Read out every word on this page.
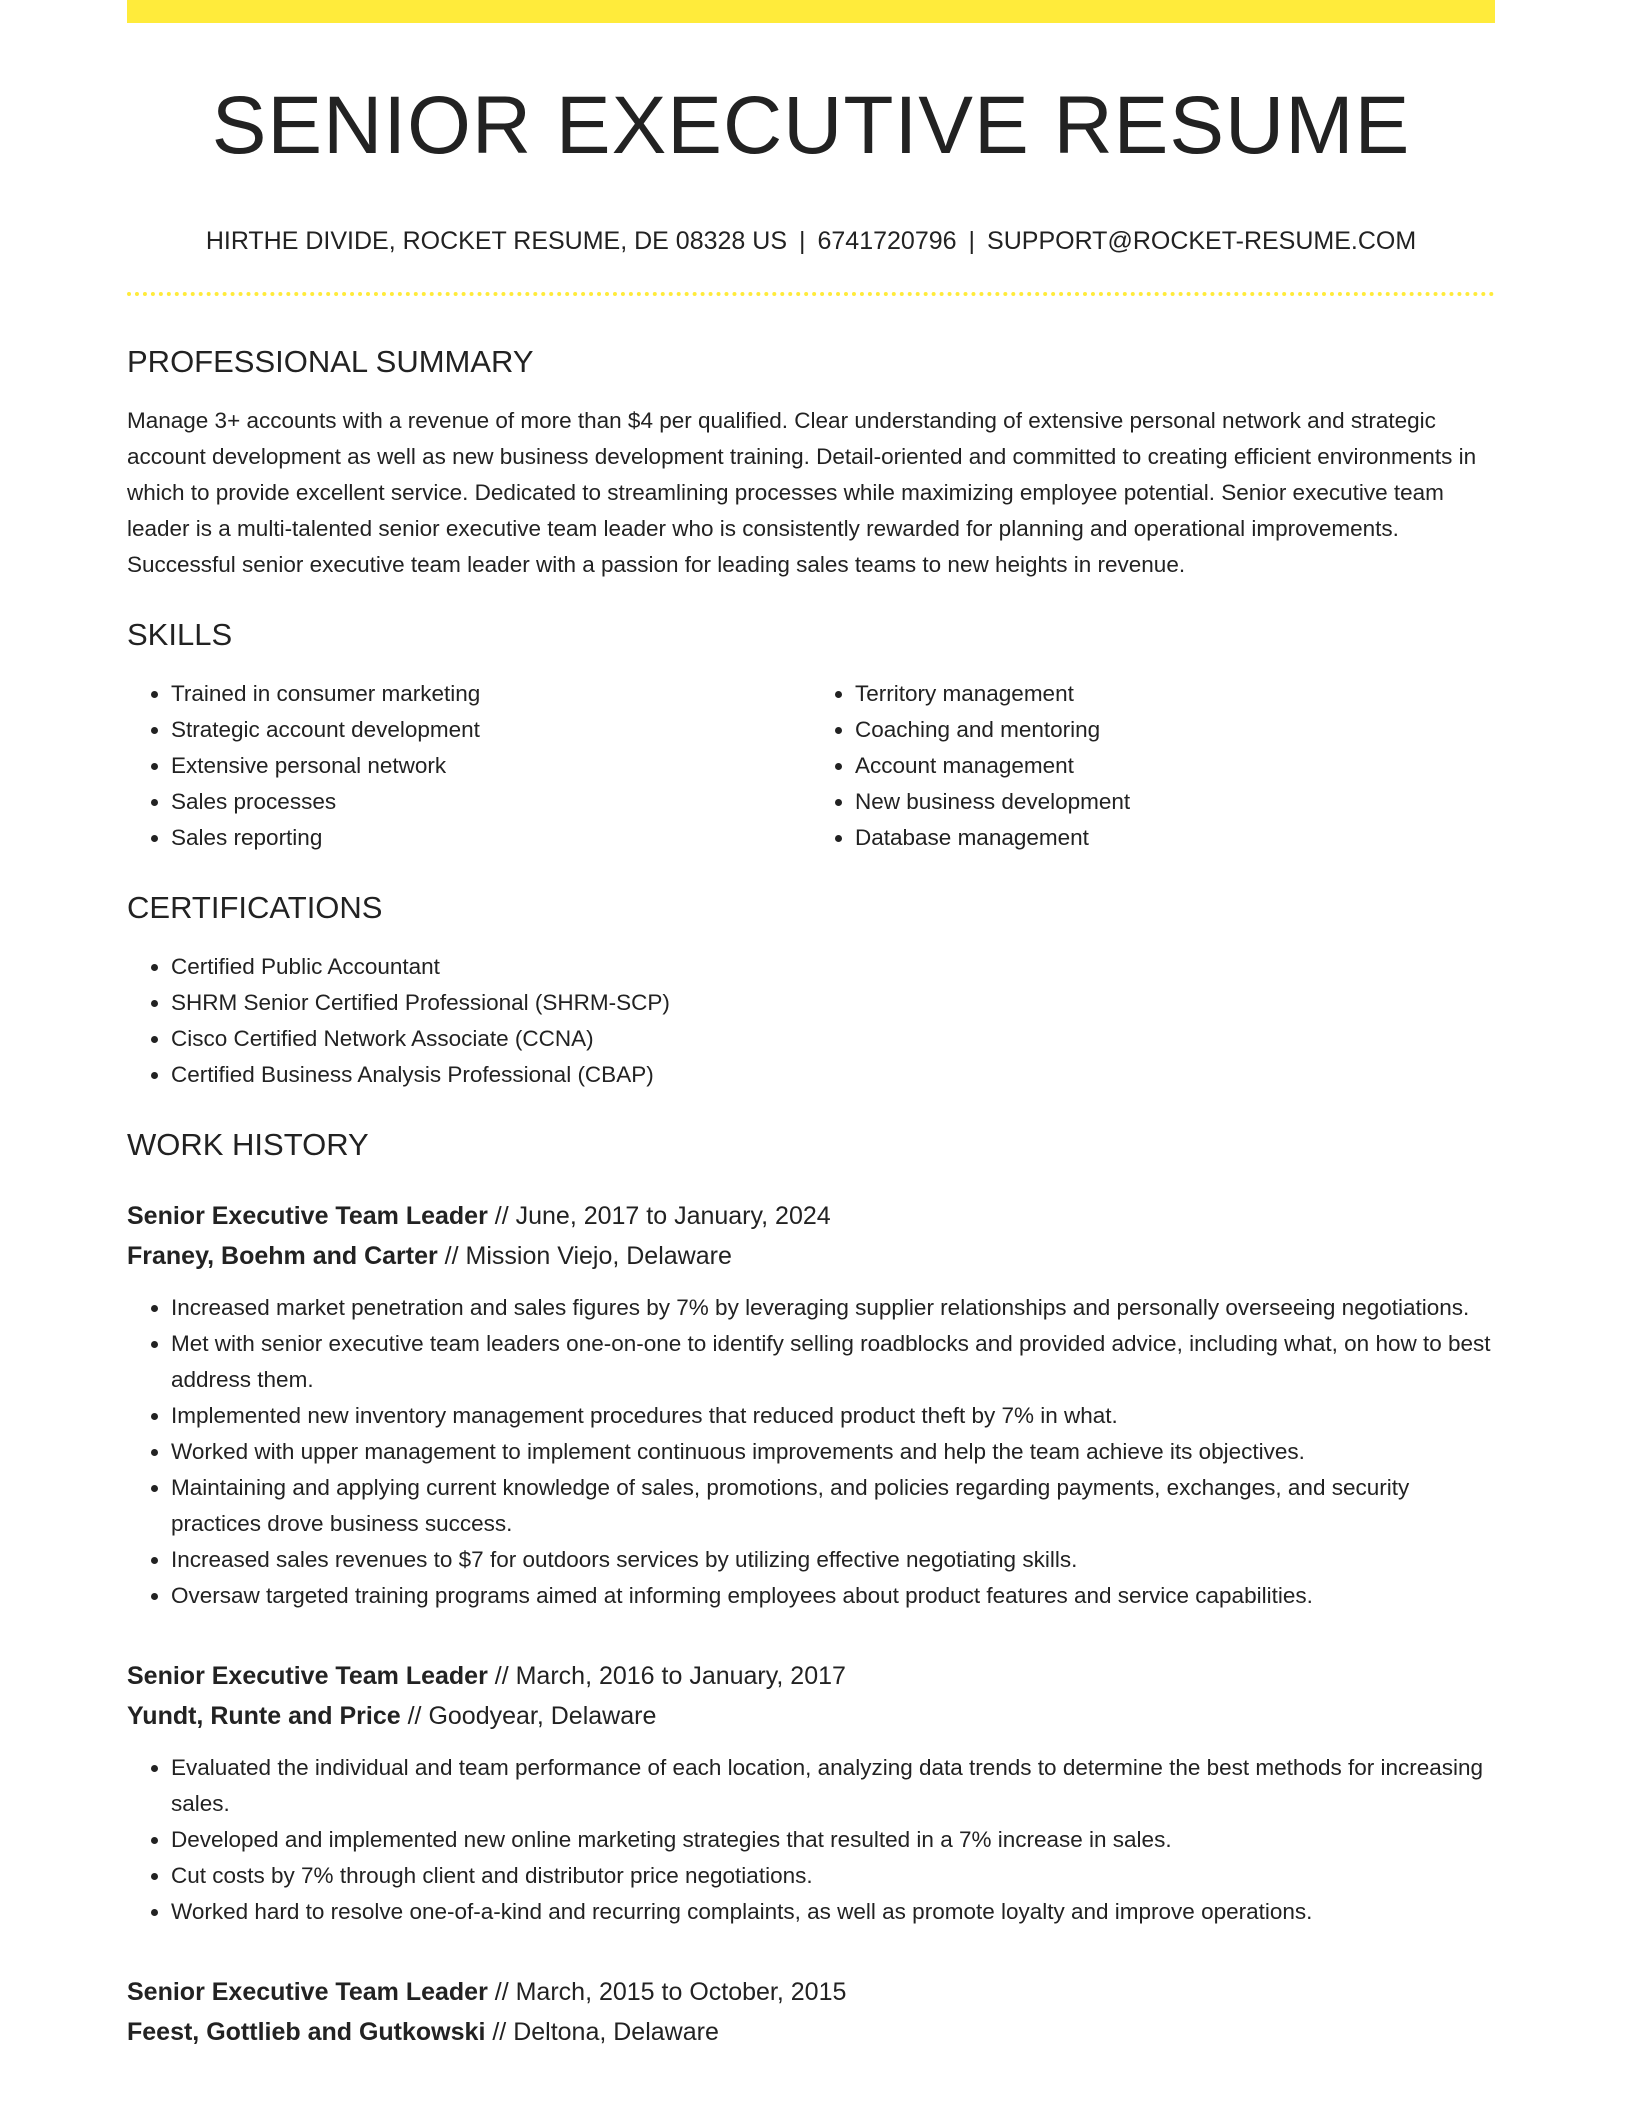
SENIOR EXECUTIVE RESUME
HIRTHE DIVIDE, ROCKET RESUME, DE 08328 US | 6741720796 | SUPPORT@ROCKET-RESUME.COM
PROFESSIONAL SUMMARY

Manage 3+ accounts with a revenue of more than $4 per qualified. Clear understanding of extensive personal network and strategic account development as well as new business development training. Detail-oriented and committed to creating efficient environments in which to provide excellent service. Dedicated to streamlining processes while maximizing employee potential. Senior executive team leader is a multi-talented senior executive team leader who is consistently rewarded for planning and operational improvements. Successful senior executive team leader with a passion for leading sales teams to new heights in revenue.

SKILLS
• Trained in consumer marketing
• Strategic account development
• Extensive personal network
• Sales processes
• Sales reporting
• Territory management
• Coaching and mentoring
• Account management
• New business development
• Database management
CERTIFICATIONS
• Certified Public Accountant
• SHRM Senior Certified Professional (SHRM-SCP)
• Cisco Certified Network Associate (CCNA)
• Certified Business Analysis Professional (CBAP)
WORK HISTORY
Senior Executive Team Leader // June, 2017 to January, 2024
Franey, Boehm and Carter // Mission Viejo, Delaware
• Increased market penetration and sales figures by 7% by leveraging supplier relationships and personally overseeing negotiations.
• Met with senior executive team leaders one-on-one to identify selling roadblocks and provided advice, including what, on how to best address them.
• Implemented new inventory management procedures that reduced product theft by 7% in what.
• Worked with upper management to implement continuous improvements and help the team achieve its objectives.
• Maintaining and applying current knowledge of sales, promotions, and policies regarding payments, exchanges, and security practices drove business success.
• Increased sales revenues to $7 for outdoors services by utilizing effective negotiating skills.
• Oversaw targeted training programs aimed at informing employees about product features and service capabilities.
Senior Executive Team Leader // March, 2016 to January, 2017
Yundt, Runte and Price // Goodyear, Delaware
• Evaluated the individual and team performance of each location, analyzing data trends to determine the best methods for increasing sales.
• Developed and implemented new online marketing strategies that resulted in a 7% increase in sales.
• Cut costs by 7% through client and distributor price negotiations.
• Worked hard to resolve one-of-a-kind and recurring complaints, as well as promote loyalty and improve operations.
Senior Executive Team Leader // March, 2015 to October, 2015
Feest, Gottlieb and Gutkowski // Deltona, Delaware
